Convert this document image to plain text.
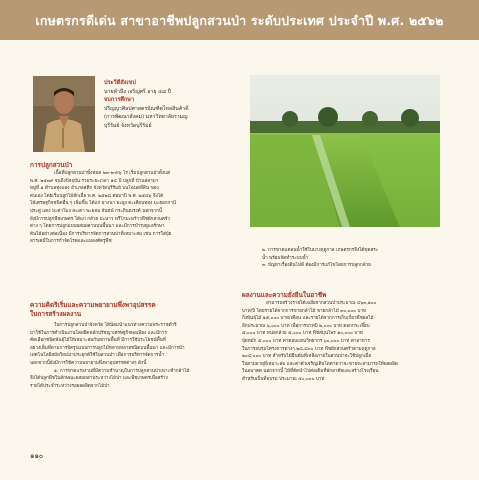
เกษตรกรดีเด่น สาขาอาชีพปลูกสวนป่า ระดับประเทศ ประจำปี พ.ศ. ๒๕๖๒
ประวีดีสังเขป
นายคำนึง เจริญศรี อายุ ๔๘ ปี
จบการศึกษา
ปริญญาศิลปศาสตรบัณฑิตไหลสินค้าดี
(การพัฒนาสังคม) มหาวิทยาลัยรามญ
บุรีรัมย์ จังหวัดบุรีรัมย์
๒. การขาดแคลนน้ำใช้ในบางฤดูกาล เกษตรกรจึงได้ขุดสระ
น้ำ พร้อมจัดทำระบบน้ำ
๓. ปัญหาเรื่องดินไม่ดี ต้องมีการแก้ไขโดยการปลูกกล้วย
การปลูกสวนป่า
เนื้อที่ปลูกสวนป่าทั้งหมด ๒๓-๒-๙๖ ไร่ เริ่มปลูกสวนป่าตั้งแต่
พ.ศ. ๒๕๓๙ จนถึงปัจจุบัน รวมระยะเวลา ๑๔ ปี ปลูกที่ บ้านสลามา
หมู่ที่ ๑ ตำบลทุ่งแสง อำเภอสตึก จังหวัดบุรีรัมย์ บนโฉนดที่ดิน ของ
ตนเอง โดยเริ่มปลูกไม้สักเมื่อ พ.ศ. ๒๕๒๘ ต่อมาปี พ.ศ. ๒๕๔๖ จึงได้
ไม้เศรษฐกิจชนิดอื่น ๆ เพิ่มขึ้น ได้แก่ ยางนา พะยูง ตะเคียนทอง มะฮอกกานี
ประดู่ แดง มะค่าโมง สะเดา พะยอม จันทน์ กระถินณรงค์ นอกจากนี้
ยังมีการปลูกพืชเกษตร ได้แก่ กล้วย มะนาว ทรีโกมะพร้าวพืชผักสวนครัว
ต่าง ๆ โดยการปลูกแบบผสมผสานบนพื้นนา และมีการบำรุงดูแลรักษา
ต้นไม้อย่างต่อเนื่อง มีการบริหารจัดการสวนป่าที่เหมาะสม เช่น การใส่ปุ๋ย
สารเคมีในการกำจัดโรคและแมลงศัตรูพืช
ความคิดริเริ่มและความพยายามพึ่งพาอุปสรรค
ในการสร้างผลงาน
ในการปลูกสวนป่าจังหวัด ได้น้อมนำแนวทางความพระราชดำริ
มาใช้ในการดำเนินงานโดยยึดหลักปรัชญาเศรษฐกิจพอเพียง และมีการ
คัดเลือกชนิดพันธุ์ไม้ให้เหมาะสมกับสภาพพื้นที่ มีการใช้ประโยชน์พื้นที่
อย่างเต็มที่ตามการจัดรูปแบบการปลูกไม้หลายหลายชนิดบนพื้นนา และมีการนำ
เทคโนโลยีสมัยใหม่มาประยุกต์ใช้ในสวนป่า เพื่อการบริหารจัดการน้ำ
นอกจากนี้ยังมีการใช้ความพยายามพึ่งพาอุปสรรคต่างๆ ดังนี้
๑. การขาดแรงงานที่มีความชำนาญในการปลูกสวนป่าเพาะชำกล้าไม้
จึงได้ปลูกพืชในลักษณะผสมผสานระหว่างไม้ป่า และพืชเกษตรเพื่อสร้าง
รายได้ประจำระหว่างรอผลผลิตจากไม้ป่า
ผลงานและความยั่งยืนในอาชีพ
สามารถสร้างรายได้เฉลี่ยจากสวนป่าประมาณ ๔๖๓,๑๐๐
บาท/ปี โดยรายได้จากการขายกล้าไม้ ขายกล้าไม้ ๓๐,๐๐๐ บาท
กิ่งพันธุ์ไม้ ๑๕,๐๐๐ บาท/เดือน และรายได้จากการเก็บเกี่ยวพืชผลไม้
อีกประมาณ ๖,๐๐๐ บาท เพื่อการบาทปี ๒,๐๐๐ บาท ดอกกระเจี๊ยบ
๕,๐๐๐ บาท หน่อกล้วย ๕,๐๐๐ บาท พืชสมุนไพร ๑๐,๐๐๐ บาท
ปุ๋ยหมัก ๕,๐๐๐ บาท ค่าตอบแทนวิทยากร ๖๐,๐๐๐ บาท ค่าอาหาร
ในการอบรมโครงการต่างๆ ๒๘,๘๐๐ บาท พืชผักสวนครัวตามฤดูกาล
๒๐๔,๐๐๐ บาท สำหรับไม้ยืนต้นที่เหลือภายในสวนป่าจะใช้ปลูกเมื่อ
ใบตามอายุที่เหมาะสม และค่าตัวเจริญเติบโตคาดว่าจะขายจะสามารถให้ผลผลิต
ในอนาคต นอกจากนี้ ไม้ที่ตัดนำไปต่อเติมที่พักอาศัยและสร้างโรงเรือน
สำหรับเป็นที่อบรม ประมาณ ๕๐,๐๐๐ บาท
๑๑๐
